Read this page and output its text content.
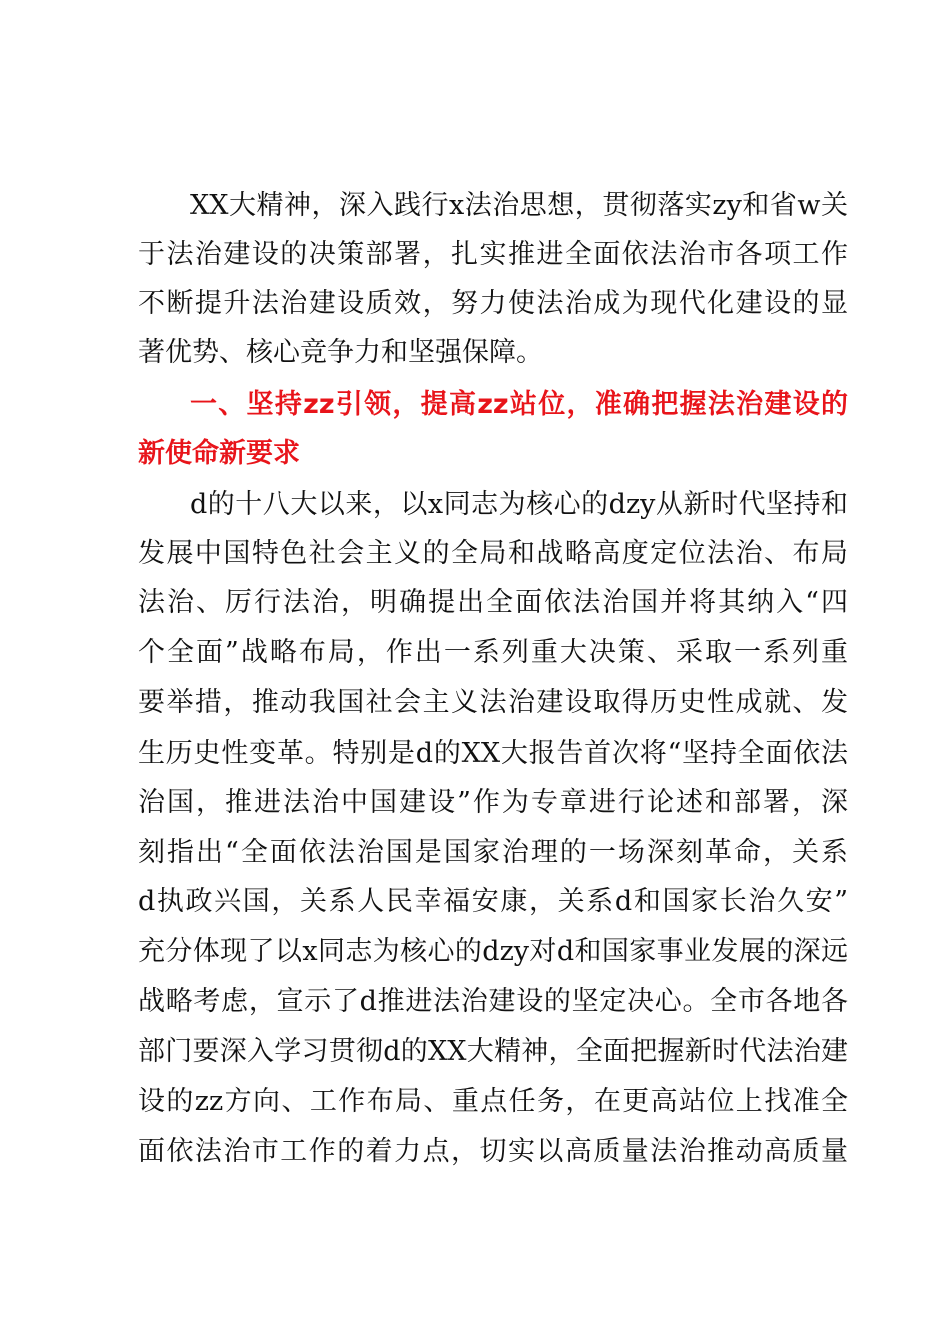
XX大精神，深入践行x法治思想，贯彻落实zy和省w关
于法治建设的决策部署，扎实推进全面依法治市各项工作
不断提升法治建设质效，努力使法治成为现代化建设的显
著优势、核心竞争力和坚强保障。
一、坚持zz引领，提高zz站位，准确把握法治建设的
新使命新要求
d的十八大以来，以x同志为核心的dzy从新时代坚持和
发展中国特色社会主义的全局和战略高度定位法治、布局
法治、厉行法治，明确提出全面依法治国并将其纳入“四
个全面”战略布局，作出一系列重大决策、采取一系列重
要举措，推动我国社会主义法治建设取得历史性成就、发
生历史性变革。特别是d的XX大报告首次将“坚持全面依法
治国，推进法治中国建设”作为专章进行论述和部署，深
刻指出“全面依法治国是国家治理的一场深刻革命，关系
d执政兴国，关系人民幸福安康，关系d和国家长治久安”
充分体现了以x同志为核心的dzy对d和国家事业发展的深远
战略考虑，宣示了d推进法治建设的坚定决心。全市各地各
部门要深入学习贯彻d的XX大精神，全面把握新时代法治建
设的zz方向、工作布局、重点任务，在更高站位上找准全
面依法治市工作的着力点，切实以高质量法治推动高质量
